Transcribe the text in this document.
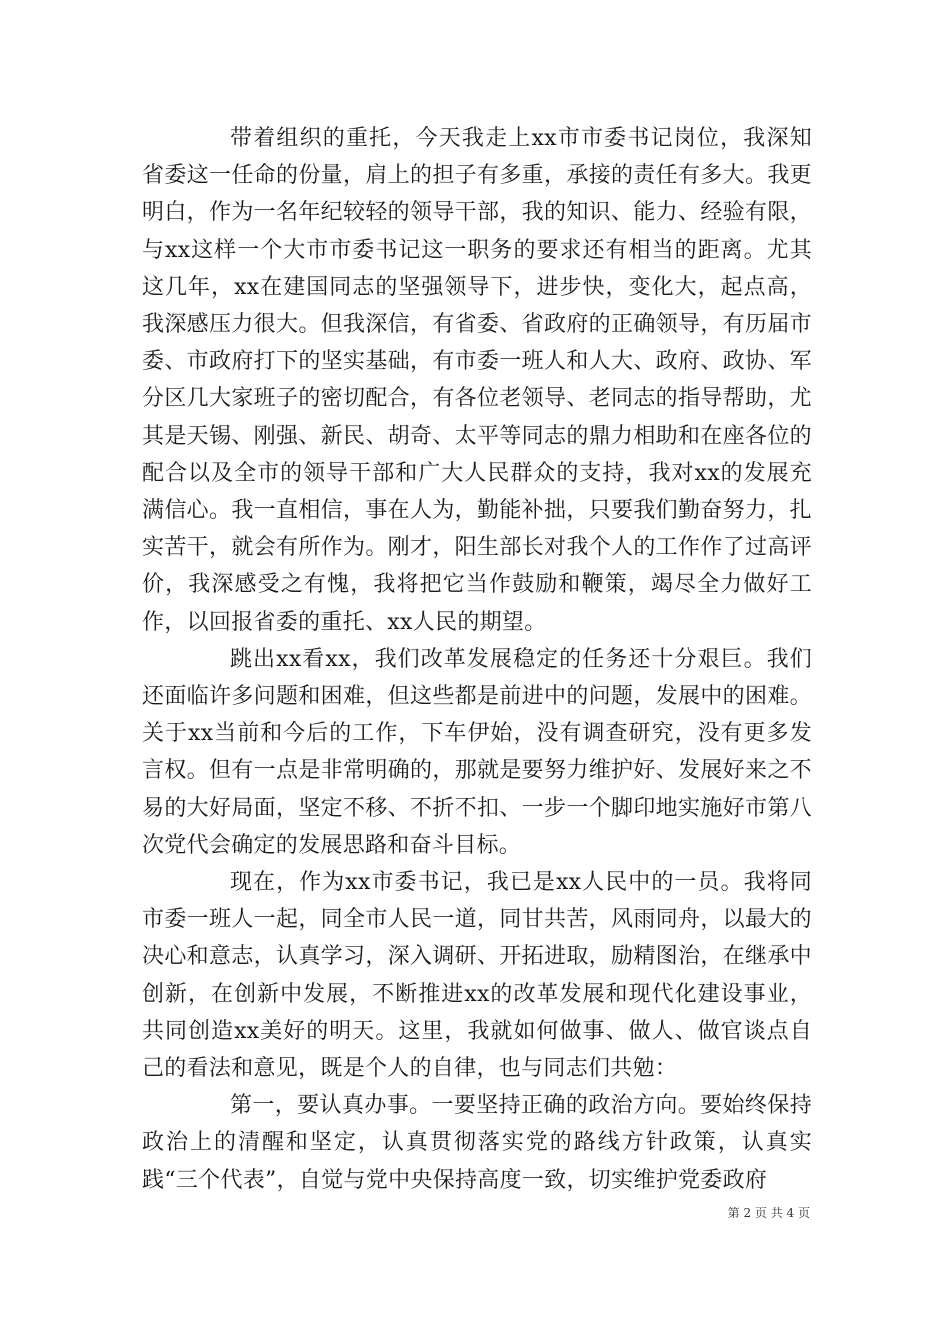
带着组织的重托，今天我走上xx市市委书记岗位，我深知省委这一任命的份量，肩上的担子有多重，承接的责任有多大。我更明白，作为一名年纪较轻的领导干部，我的知识、能力、经验有限，与xx这样一个大市市委书记这一职务的要求还有相当的距离。尤其这几年，xx在建国同志的坚强领导下，进步快，变化大，起点高，我深感压力很大。但我深信，有省委、省政府的正确领导，有历届市委、市政府打下的坚实基础，有市委一班人和人大、政府、政协、军分区几大家班子的密切配合，有各位老领导、老同志的指导帮助，尤其是天锡、刚强、新民、胡奇、太平等同志的鼎力相助和在座各位的配合以及全市的领导干部和广大人民群众的支持，我对xx的发展充满信心。我一直相信，事在人为，勤能补拙，只要我们勤奋努力，扎实苦干，就会有所作为。刚才，阳生部长对我个人的工作作了过高评价，我深感受之有愧，我将把它当作鼓励和鞭策，竭尽全力做好工作，以回报省委的重托、xx人民的期望。

跳出xx看xx，我们改革发展稳定的任务还十分艰巨。我们还面临许多问题和困难，但这些都是前进中的问题，发展中的困难。关于xx当前和今后的工作，下车伊始，没有调查研究，没有更多发言权。但有一点是非常明确的，那就是要努力维护好、发展好来之不易的大好局面，坚定不移、不折不扣、一步一个脚印地实施好市第八次党代会确定的发展思路和奋斗目标。

现在，作为xx市委书记，我已是xx人民中的一员。我将同市委一班人一起，同全市人民一道，同甘共苦，风雨同舟，以最大的决心和意志，认真学习，深入调研、开拓进取，励精图治，在继承中创新，在创新中发展，不断推进xx的改革发展和现代化建设事业，共同创造xx美好的明天。这里，我就如何做事、做人、做官谈点自己的看法和意见，既是个人的自律，也与同志们共勉：

第一，要认真办事。一要坚持正确的政治方向。要始终保持政治上的清醒和坚定，认真贯彻落实党的路线方针政策，认真实践“三个代表”，自觉与党中央保持高度一致，切实维护党委政府

第 2 页 共 4 页
